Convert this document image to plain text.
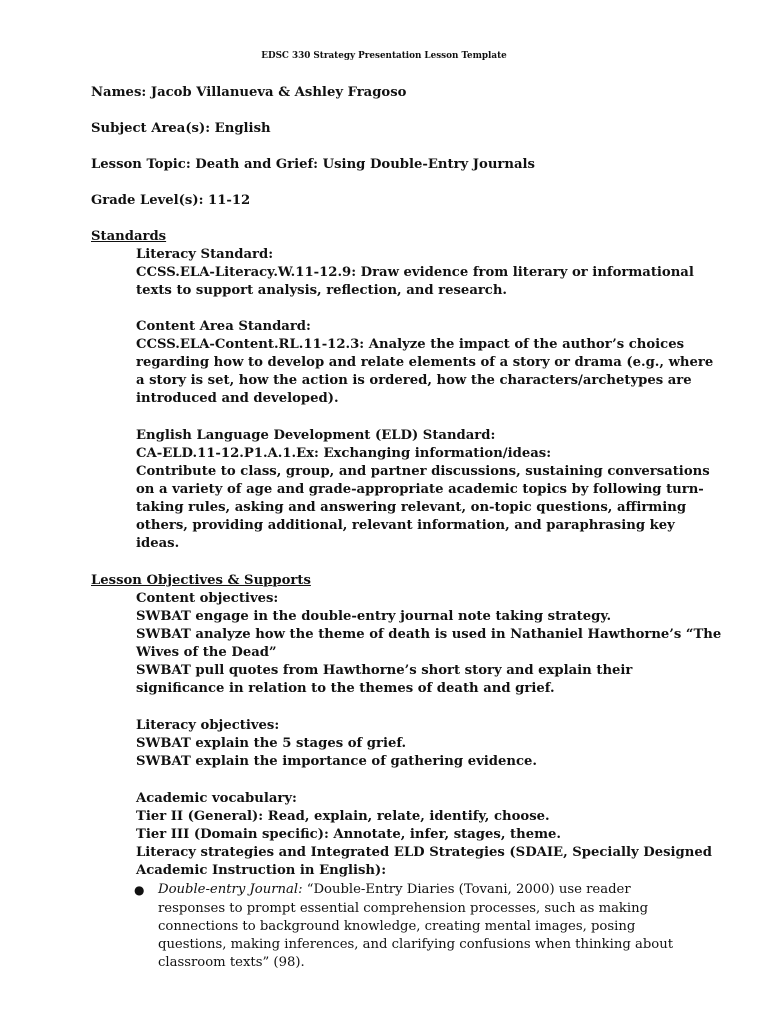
EDSC 330 Strategy Presentation Lesson Template
Names: Jacob Villanueva & Ashley Fragoso
Subject Area(s): English
Lesson Topic: Death and Grief: Using Double-Entry Journals
Grade Level(s): 11-12
Standards
Literacy Standard:
CCSS.ELA-Literacy.W.11-12.9: Draw evidence from literary or informational
texts to support analysis, reflection, and research.
Content Area Standard:
CCSS.ELA-Content.RL.11-12.3: Analyze the impact of the author’s choices
regarding how to develop and relate elements of a story or drama (e.g., where
a story is set, how the action is ordered, how the characters/archetypes are
introduced and developed).
English Language Development (ELD) Standard:
CA-ELD.11-12.P1.A.1.Ex: Exchanging information/ideas:
Contribute to class, group, and partner discussions, sustaining conversations
on a variety of age and grade-appropriate academic topics by following turn-
taking rules, asking and answering relevant, on-topic questions, affirming
others, providing additional, relevant information, and paraphrasing key
ideas.
Lesson Objectives & Supports
Content objectives:
SWBAT engage in the double-entry journal note taking strategy.
SWBAT analyze how the theme of death is used in Nathaniel Hawthorne’s “The
Wives of the Dead”
SWBAT pull quotes from Hawthorne’s short story and explain their
significance in relation to the themes of death and grief.
Literacy objectives:
SWBAT explain the 5 stages of grief.
SWBAT explain the importance of gathering evidence.
Academic vocabulary:
Tier II (General): Read, explain, relate, identify, choose.
Tier III (Domain specific): Annotate, infer, stages, theme.
Literacy strategies and Integrated ELD Strategies (SDAIE, Specially Designed
Academic Instruction in English):
● Double-entry Journal: “Double-Entry Diaries (Tovani, 2000) use reader
responses to prompt essential comprehension processes, such as making
connections to background knowledge, creating mental images, posing
questions, making inferences, and clarifying confusions when thinking about
classroom texts” (98).
